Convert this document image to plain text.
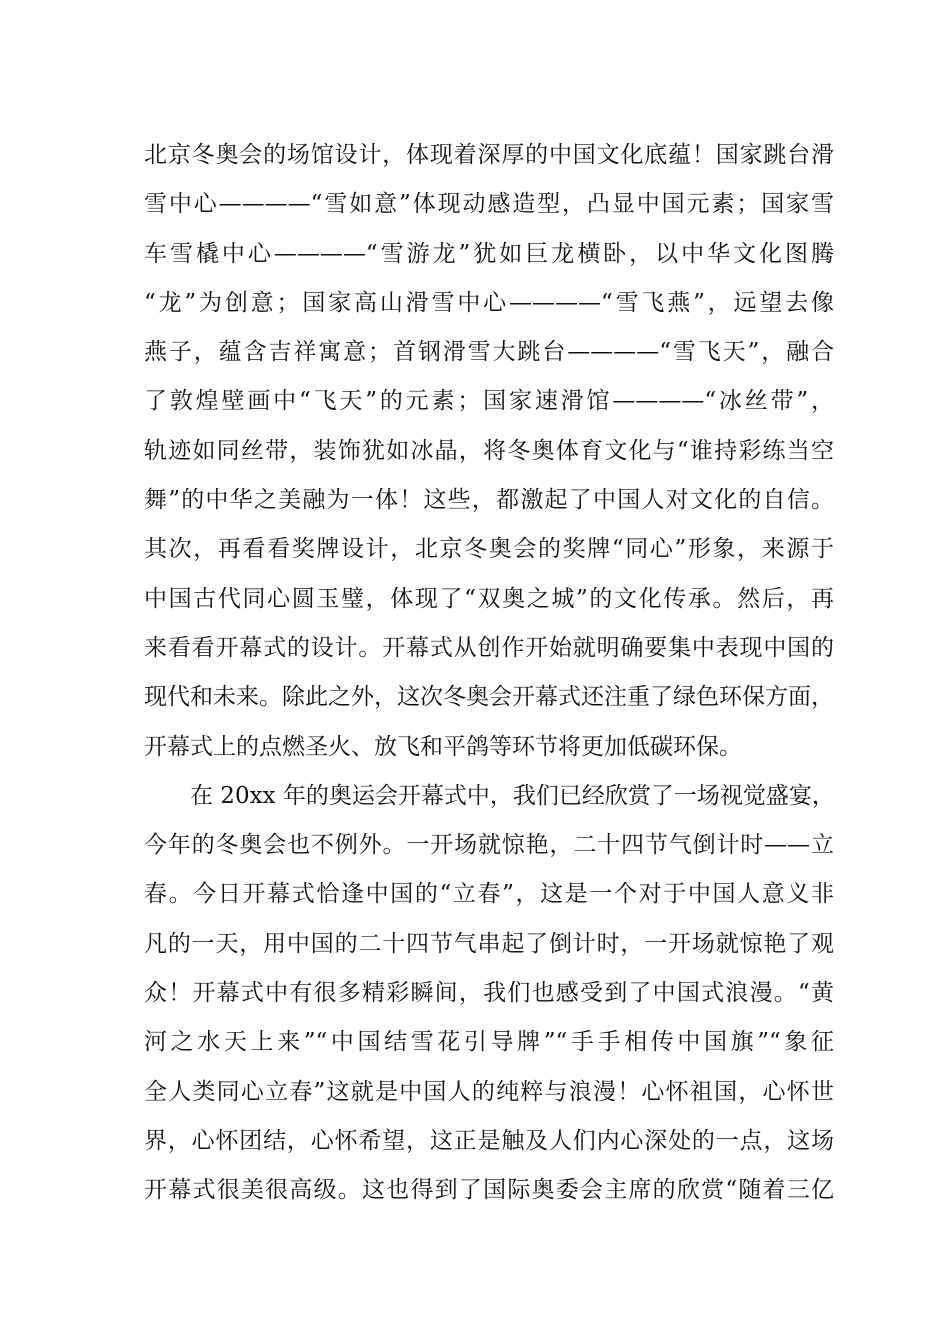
北京冬奥会的场馆设计，体现着深厚的中国文化底蕴！国家跳台滑
雪中心————“雪如意”体现动感造型，凸显中国元素；国家雪
车雪橇中心————“雪游龙”犹如巨龙横卧，以中华文化图腾
“龙”为创意；国家高山滑雪中心————“雪飞燕”，远望去像
燕子，蕴含吉祥寓意；首钢滑雪大跳台————“雪飞天”，融合
了敦煌壁画中“飞天”的元素；国家速滑馆————“冰丝带”，
轨迹如同丝带，装饰犹如冰晶，将冬奥体育文化与“谁持彩练当空
舞”的中华之美融为一体！这些，都激起了中国人对文化的自信。
其次，再看看奖牌设计，北京冬奥会的奖牌“同心”形象，来源于
中国古代同心圆玉璧，体现了“双奥之城”的文化传承。然后，再
来看看开幕式的设计。开幕式从创作开始就明确要集中表现中国的
现代和未来。除此之外，这次冬奥会开幕式还注重了绿色环保方面，
开幕式上的点燃圣火、放飞和平鸽等环节将更加低碳环保。
在 20xx 年的奥运会开幕式中，我们已经欣赏了一场视觉盛宴，
今年的冬奥会也不例外。一开场就惊艳，二十四节气倒计时——立
春。今日开幕式恰逢中国的“立春”，这是一个对于中国人意义非
凡的一天，用中国的二十四节气串起了倒计时，一开场就惊艳了观
众！开幕式中有很多精彩瞬间，我们也感受到了中国式浪漫。“黄
河之水天上来”“中国结雪花引导牌”“手手相传中国旗”“象征
全人类同心立春”这就是中国人的纯粹与浪漫！心怀祖国，心怀世
界，心怀团结，心怀希望，这正是触及人们内心深处的一点，这场
开幕式很美很高级。这也得到了国际奥委会主席的欣赏“随着三亿
